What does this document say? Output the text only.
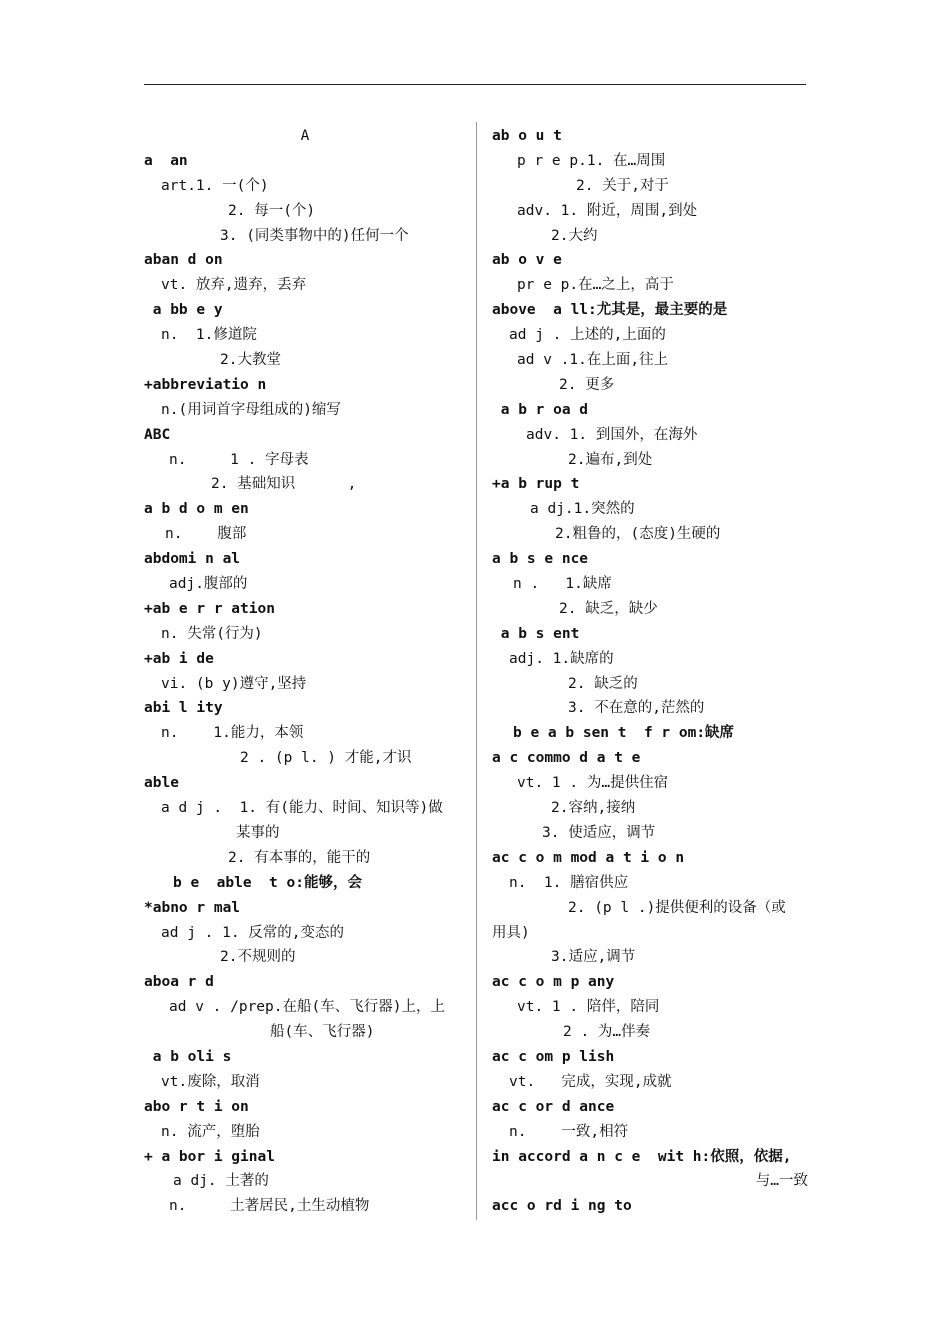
A
a  an
art.1. 一(个)
2. 每一(个)
3. (同类事物中的)任何一个
aban d on
vt. 放弃,遗弃，丢弃
a bb e y
n.  1.修道院
2.大教堂
+abbreviatio n
n.(用词首字母组成的)缩写
ABC
n.     1 . 字母表
2. 基础知识      ,
a b d o m en
n.    腹部
abdomi n al
adj.腹部的
+ab e r r ation
n. 失常(行为)
+ab i de
vi. (b y)遵守,坚持
abi l ity
n.    1.能力，本领
2 . (p l. ) 才能,才识
able
a d j .  1. 有(能力、时间、知识等)做
某事的
2. 有本事的，能干的
b e  able  t o:能够，会
*abno r mal
ad j . 1. 反常的,变态的
2.不规则的
aboa r d
ad v . /prep.在船(车、飞行器)上，上
船(车、飞行器)
a b oli s
vt.废除，取消
abo r t i on
n. 流产，堕胎
+ a bor i ginal
a dj. 土著的
n.     土著居民,土生动植物
ab o u t
p r e p.1. 在…周围
2. 关于,对于
adv. 1. 附近，周围,到处
2.大约
ab o v e
pr e p.在…之上，高于
above  a ll:尤其是，最主要的是
ad j . 上述的,上面的
ad v .1.在上面,往上
2. 更多
a b r oa d
adv. 1. 到国外，在海外
2.遍布,到处
+a b rup t
a dj.1.突然的
2.粗鲁的，(态度)生硬的
a b s e nce
n .   1.缺席
2. 缺乏，缺少
a b s ent
adj. 1.缺席的
2. 缺乏的
3. 不在意的,茫然的
b e a b sen t  f r om:缺席
a c commo d a t e
vt. 1 . 为…提供住宿
2.容纳,接纳
3. 使适应，调节
ac c o m mod a t i o n
n.  1. 膳宿供应
2. (p l .)提供便利的设备（或
用具)
3.适应,调节
ac c o m p any
vt. 1 . 陪伴，陪同
2 . 为…伴奏
ac c om p lish
vt.   完成，实现,成就
ac c or d ance
n.    一致,相符
in accord a n c e  wit h:依照，依据,
与…一致
acc o rd i ng to
